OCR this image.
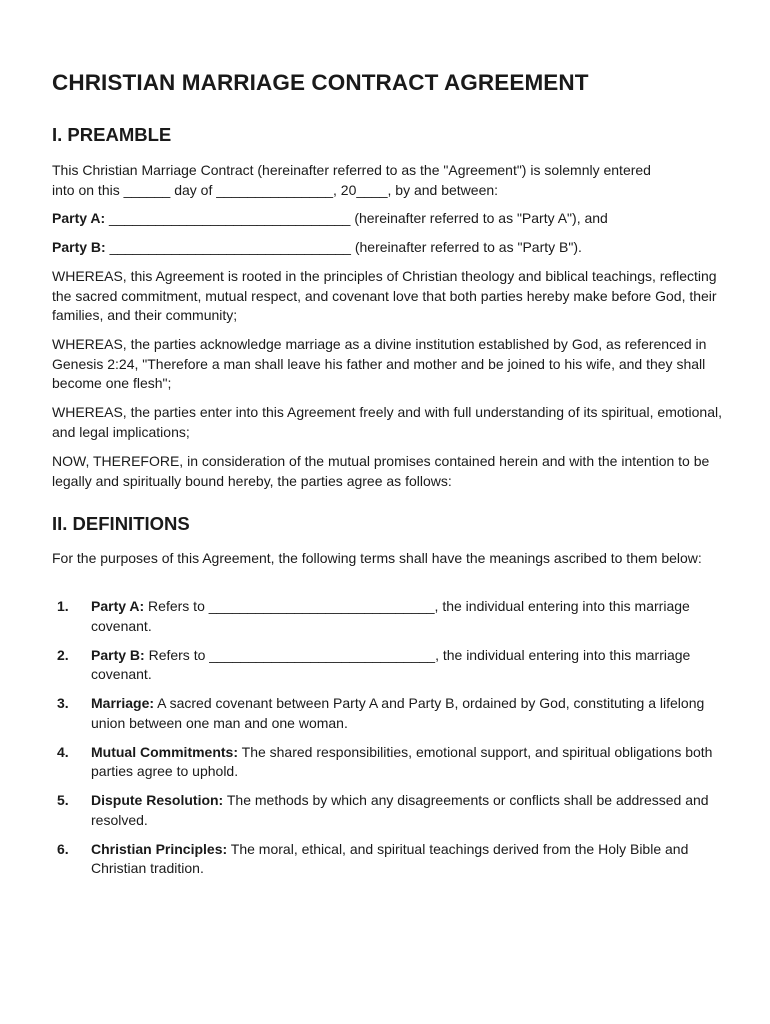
CHRISTIAN MARRIAGE CONTRACT AGREEMENT
I. PREAMBLE

This Christian Marriage Contract (hereinafter referred to as the "Agreement") is solemnly entered
into on this ______ day of _______________, 20____, by and between:

Party A: _______________________________ (hereinafter referred to as "Party A"), and

Party B: _______________________________ (hereinafter referred to as "Party B").

WHEREAS, this Agreement is rooted in the principles of Christian theology and biblical teachings, reflecting the sacred commitment, mutual respect, and covenant love that both parties hereby make before God, their families, and their community;

WHEREAS, the parties acknowledge marriage as a divine institution established by God, as referenced in Genesis 2:24, "Therefore a man shall leave his father and mother and be joined to his wife, and they shall become one flesh";

WHEREAS, the parties enter into this Agreement freely and with full understanding of its spiritual, emotional, and legal implications;

NOW, THEREFORE, in consideration of the mutual promises contained herein and with the intention to be legally and spiritually bound hereby, the parties agree as follows:

II. DEFINITIONS

For the purposes of this Agreement, the following terms shall have the meanings ascribed to them below:

1. Party A: Refers to _____________________________, the individual entering into this marriage covenant.
2. Party B: Refers to _____________________________, the individual entering into this marriage covenant.
3. Marriage: A sacred covenant between Party A and Party B, ordained by God, constituting a lifelong union between one man and one woman.
4. Mutual Commitments: The shared responsibilities, emotional support, and spiritual obligations both parties agree to uphold.
5. Dispute Resolution: The methods by which any disagreements or conflicts shall be addressed and resolved.
6. Christian Principles: The moral, ethical, and spiritual teachings derived from the Holy Bible and Christian tradition.
